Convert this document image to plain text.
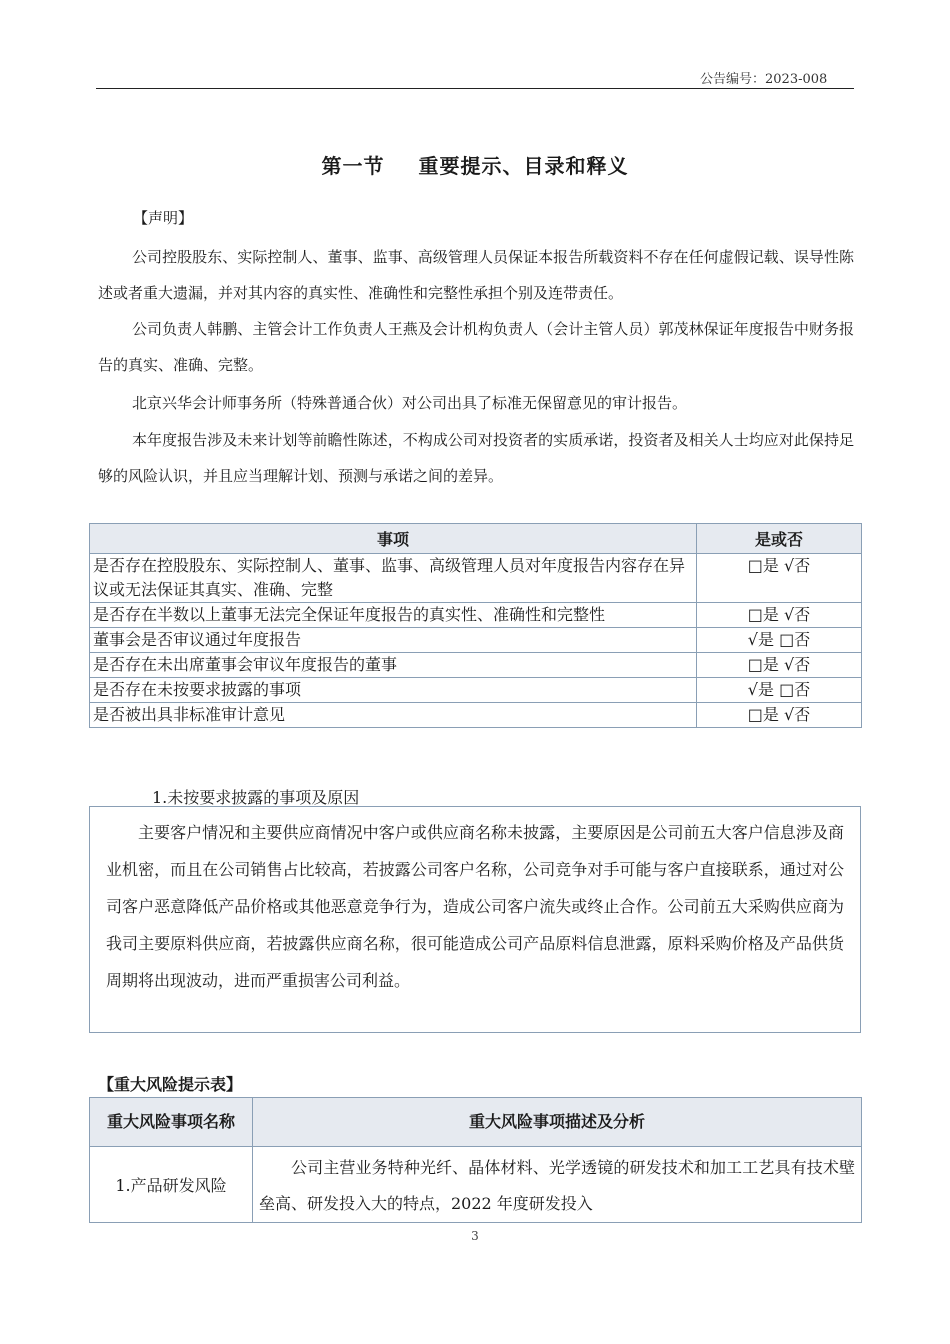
公告编号：2023-008
第一节 重要提示、目录和释义
【声明】
公司控股股东、实际控制人、董事、监事、高级管理人员保证本报告所载资料不存在任何虚假记载、误导性陈述或者重大遗漏，并对其内容的真实性、准确性和完整性承担个别及连带责任。
公司负责人韩鹏、主管会计工作负责人王燕及会计机构负责人（会计主管人员）郭茂林保证年度报告中财务报告的真实、准确、完整。
北京兴华会计师事务所（特殊普通合伙）对公司出具了标准无保留意见的审计报告。
本年度报告涉及未来计划等前瞻性陈述，不构成公司对投资者的实质承诺，投资者及相关人士均应对此保持足够的风险认识，并且应当理解计划、预测与承诺之间的差异。
事项	是或否
是否存在控股股东、实际控制人、董事、监事、高级管理人员对年度报告内容存在异议或无法保证其真实、准确、完整	□是 √否
是否存在半数以上董事无法完全保证年度报告的真实性、准确性和完整性	□是 √否
董事会是否审议通过年度报告	√是 □否
是否存在未出席董事会审议年度报告的董事	□是 √否
是否存在未按要求披露的事项	√是 □否
是否被出具非标准审计意见	□是 √否
1.未按要求披露的事项及原因
主要客户情况和主要供应商情况中客户或供应商名称未披露，主要原因是公司前五大客户信息涉及商业机密，而且在公司销售占比较高，若披露公司客户名称，公司竞争对手可能与客户直接联系，通过对公司客户恶意降低产品价格或其他恶意竞争行为，造成公司客户流失或终止合作。公司前五大采购供应商为我司主要原料供应商，若披露供应商名称，很可能造成公司产品原料信息泄露，原料采购价格及产品供货周期将出现波动，进而严重损害公司利益。
【重大风险提示表】
重大风险事项名称	重大风险事项描述及分析
1.产品研发风险	公司主营业务特种光纤、晶体材料、光学透镜的研发技术和加工工艺具有技术壁垒高、研发投入大的特点，2022 年度研发投入
3
